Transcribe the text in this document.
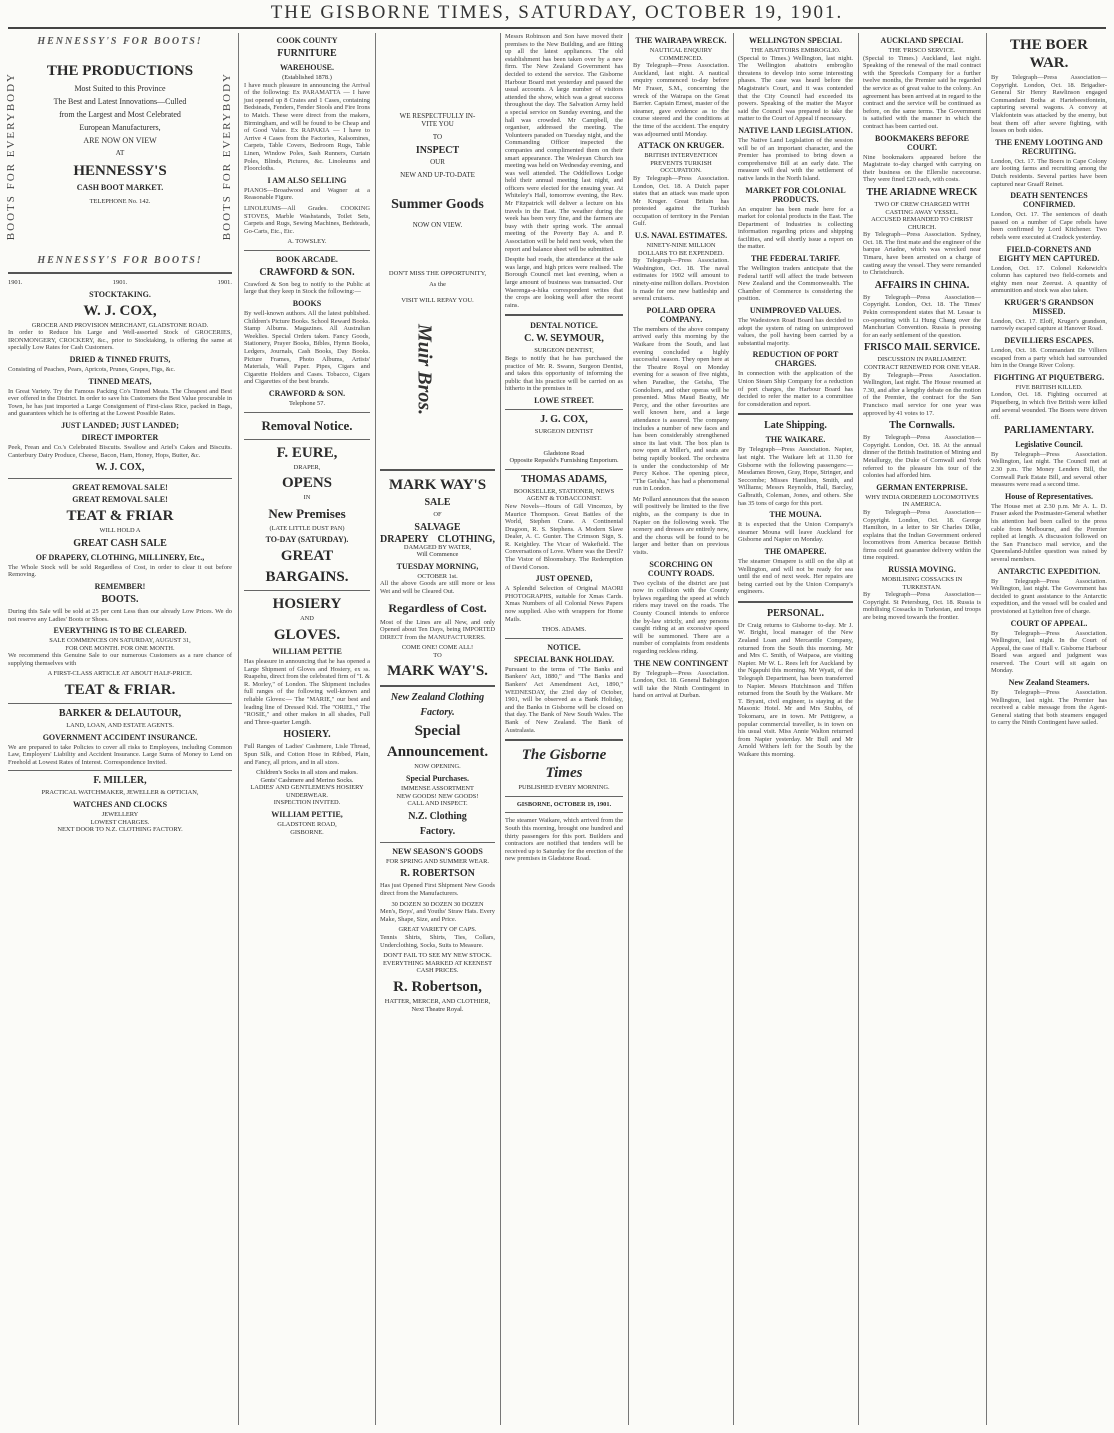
THE GISBORNE TIMES, SATURDAY, OCTOBER 19, 1901.
HENNESSY'S FOR BOOTS!
BOOTS FOR EVERYBODY	BOOTS FOR EVERYBODY
THE PRODUCTIONS
Most Suited to this Province
The Best and Latest Innovations—Culled
from the Largest and Most Celebrated
European Manufacturers,
ARE NOW ON VIEW
AT
HENNESSY'S
CASH BOOT MARKET.
TELEPHONE No. 142.
HENNESSY'S FOR BOOTS!
1901.	1901.	1901.
STOCKTAKING.
W. J. COX,
GROCER AND PROVISION MERCHANT, GLADSTONE ROAD.

In order to Reduce his Large and Well-assorted Stock of GROCERIES, IRONMONGERY, CROCKERY, &c., prior to Stocktaking, is offering the same at specially Low Rates for Cash Customers.

DRIED & TINNED FRUITS,

Consisting of Peaches, Pears, Apricots, Prunes, Grapes, Figs, &c.

TINNED MEATS,

In Great Variety. Try the Famous Packing Co's Tinned Meats. The Cheapest and Best ever offered in the District. In order to save his Customers the Best Value procurable in Town, he has just imported a Large Consignment of First-class Rice, packed in Bags, and guarantees which he is offering at the Lowest Possible Rates.

JUST LANDED; JUST LANDED;
DIRECT IMPORTER

Peek, Frean and Co.'s Celebrated Biscuits. Swallow and Ariel's Cakes and Biscuits. Canterbury Dairy Produce, Cheese, Bacon, Ham, Honey, Hops, Butter, &c.

W. J. COX,
GREAT REMOVAL SALE!
GREAT REMOVAL SALE!
TEAT & FRIAR
WILL HOLD A
GREAT CASH SALE
OF DRAPERY, CLOTHING, MILLINERY, Etc.,

The Whole Stock will be sold Regardless of Cost, in order to clear it out before Removing.

REMEMBER!
BOOTS.

During this Sale will be sold at 25 per cent Less than our already Low Prices. We do not reserve any Ladies' Boots or Shoes.

EVERYTHING IS TO BE CLEARED.
SALE COMMENCES ON SATURDAY, AUGUST 31,
FOR ONE MONTH. FOR ONE MONTH.

We recommend this Genuine Sale to our numerous Customers as a rare chance of supplying themselves with

A FIRST-CLASS ARTICLE AT ABOUT HALF-PRICE.
TEAT & FRIAR.
BARKER & DELAUTOUR,
LAND, LOAN, AND ESTATE AGENTS.
GOVERNMENT ACCIDENT INSURANCE.

We are prepared to take Policies to cover all risks to Employees, including Common Law, Employers' Liability and Accident Insurance. Large Sums of Money to Lend on Freehold at Lowest Rates of Interest. Correspondence Invited.

F. MILLER,
PRACTICAL WATCHMAKER, JEWELLER & OPTICIAN,
WATCHES AND CLOCKS
JEWELLERY
LOWEST CHARGES.
NEXT DOOR TO N.Z. CLOTHING FACTORY.
COOK COUNTY
FURNITURE
WAREHOUSE.
(Established 1878.)

I have much pleasure in announcing the Arrival of the following: Ex PARAMATTA — I have just opened up 8 Crates and 1 Cases, containing Bedsteads, Fenders, Fender Stools and Fire Irons to Match. These were direct from the makers, Birmingham, and will be found to be Cheap and of Good Value. Ex RAPAKIA — I have to Arrive 4 Cases from the Factories, Kalsomines, Carpets, Table Covers, Bedroom Rugs, Table Linen, Window Poles, Sash Runners, Curtain Poles, Blinds, Pictures, &c. Linoleums and Floorcloths.

I AM ALSO SELLING

PIANOS—Broadwood and Wagner at a Reasonable Figure.

LINOLEUMS—All Grades. COOKING STOVES, Marble Washstands, Toilet Sets, Carpets and Rugs, Sewing Machines, Bedsteads, Go-Carts, Etc., Etc.

A. TOWSLEY.
BOOK ARCADE.
CRAWFORD & SON.

Crawford & Son beg to notify to the Public at large that they keep in Stock the following:—

BOOKS

By well-known authors. All the latest published. Children's Picture Books. School Reward Books. Stamp Albums. Magazines. All Australian Weeklies. Special Orders taken. Fancy Goods, Stationery, Prayer Books, Bibles, Hymn Books, Ledgers, Journals, Cash Books, Day Books. Picture Frames, Photo Albums, Artists' Materials, Wall Paper. Pipes, Cigars and Cigarette Holders and Cases. Tobacco, Cigars and Cigarettes of the best brands.

CRAWFORD & SON.
Telephone 57.
Removal Notice.
F. EURE,
DRAPER,
OPENS
IN
New Premises
(LATE LITTLE DUST PAN)
TO-DAY (SATURDAY).
GREAT
BARGAINS.
HOSIERY
AND
GLOVES.
WILLIAM PETTIE

Has pleasure in announcing that he has opened a Large Shipment of Gloves and Hosiery, ex ss. Ruapehu, direct from the celebrated firm of "I. & R. Morley," of London. The Shipment includes full ranges of the following well-known and reliable Gloves:— The "MARIE," our best and leading line of Dressed Kid. The "ORIEL," The "ROSIE," and other makes in all shades, Full and Three-quarter Length.

HOSIERY.

Full Ranges of Ladies' Cashmere, Lisle Thread, Spun Silk, and Cotton Hose in Ribbed, Plain, and Fancy, all prices, and in all sizes.

Children's Socks in all sizes and makes.
Gents' Cashmere and Merino Socks.
LADIES' AND GENTLEMEN'S HOSIERY UNDERWEAR.
INSPECTION INVITED.
WILLIAM PETTIE,
GLADSTONE ROAD,
GISBORNE.
WE RESPECTFULLY IN-
VITE YOU
TO
INSPECT
OUR
NEW AND UP-TO-DATE
Summer Goods
NOW ON VIEW.
DON'T MISS THE OPPORTUNITY,
As the
VISIT WILL REPAY YOU.
Muir Bros.
MARK WAY'S
SALE
OF
SALVAGE
DRAPERY CLOTHING,
DAMAGED BY WATER,
Will Commence
TUESDAY MORNING,
OCTOBER 1st.

All the above Goods are still more or less Wet and will be Cleared Out.

Regardless of Cost.

Most of the Lines are all New, and only Opened about Ten Days, being IMPORTED DIRECT from the MANUFACTURERS.

COME ONE! COME ALL!
TO
MARK WAY'S.
New Zealand Clothing
Factory.
Special
Announcement.
NOW OPENING.
Special Purchases.
IMMENSE ASSORTMENT
NEW GOODS! NEW GOODS!
CALL AND INSPECT.
N.Z. Clothing
Factory.
NEW SEASON'S GOODS
FOR SPRING AND SUMMER WEAR.
R. ROBERTSON

Has just Opened First Shipment New Goods direct from the Manufacturers.

30 DOZEN 30 DOZEN 30 DOZEN

Men's, Boys', and Youths' Straw Hats. Every Make, Shape, Size, and Price.

GREAT VARIETY OF CAPS.

Tennis Shirts, Shirts, Ties, Collars, Underclothing, Socks, Suits to Measure.

DON'T FAIL TO SEE MY NEW STOCK.
EVERYTHING MARKED AT KEENEST CASH PRICES.
R. Robertson,
HATTER, MERCER, AND CLOTHIER, Next Theatre Royal.

Messrs Robinson and Son have moved their premises to the New Building, and are fitting up all the latest appliances. The old establishment has been taken over by a new firm. The New Zealand Government has decided to extend the service. The Gisborne Harbour Board met yesterday and passed the usual accounts. A large number of visitors attended the show, which was a great success throughout the day. The Salvation Army held a special service on Sunday evening, and the hall was crowded. Mr Campbell, the organiser, addressed the meeting. The Volunteers paraded on Tuesday night, and the Commanding Officer inspected the companies and complimented them on their smart appearance. The Wesleyan Church tea meeting was held on Wednesday evening, and was well attended. The Oddfellows Lodge held their annual meeting last night, and officers were elected for the ensuing year. At Whiteley's Hall, tomorrow evening, the Rev. Mr Fitzpatrick will deliver a lecture on his travels in the East. The weather during the week has been very fine, and the farmers are busy with their spring work. The annual meeting of the Poverty Bay A. and P. Association will be held next week, when the report and balance sheet will be submitted.

Despite bad roads, the attendance at the sale was large, and high prices were realised. The Borough Council met last evening, when a large amount of business was transacted. Our Waerenga-a-hika correspondent writes that the crops are looking well after the recent rains.

DENTAL NOTICE.
C. W. SEYMOUR,
SURGEON DENTIST,

Begs to notify that he has purchased the practice of Mr. R. Swann, Surgeon Dentist, and takes this opportunity of informing the public that his practice will be carried on as hitherto in the premises in

LOWE STREET.
J. G. COX,
SURGEON DENTIST
Gladstone Road
Opposite Repsold's Furnishing Emporium.
THOMAS ADAMS,
BOOKSELLER, STATIONER, NEWS AGENT & TOBACCONIST.

New Novels—Hours of Gill Vincenzo, by Maurice Thompson. Great Battles of the World, Stephen Crane. A Continental Dragoon, R. S. Stephens. A Modern Slave Dealer, A. C. Gunter. The Crimson Sign, S. R. Keightley. The Vicar of Wakefield. The Conversations of Love. Where was the Devil? The Vistor of Bloomsbury. The Redemption of David Corson.

JUST OPENED,

A Splendid Selection of Original MAORI PHOTOGRAPHS, suitable for Xmas Cards. Xmas Numbers of all Colonial News Papers now supplied. Also with wrappers for Home Mails.

THOS. ADAMS.
NOTICE.
SPECIAL BANK HOLIDAY.

Pursuant to the terms of "The Banks and Bankers' Act, 1880," and "The Banks and Bankers' Act Amendment Act, 1890," WEDNESDAY, the 23rd day of October, 1901, will be observed as a Bank Holiday, and the Banks in Gisborne will be closed on that day. The Bank of New South Wales. The Bank of New Zealand. The Bank of Australasia.

The Gisborne Times
PUBLISHED EVERY MORNING.
GISBORNE, OCTOBER 19, 1901.

The steamer Waikare, which arrived from the South this morning, brought one hundred and thirty passengers for this port. Builders and contractors are notified that tenders will be received up to Saturday for the erection of the new premises in Gladstone Road.

THE WAIRAPA WRECK.
NAUTICAL ENQUIRY COMMENCED.

By Telegraph—Press Association. Auckland, last night. A nautical enquiry commenced to-day before Mr Fraser, S.M., concerning the wreck of the Wairapa on the Great Barrier. Captain Ernest, master of the steamer, gave evidence as to the course steered and the conditions at the time of the accident. The enquiry was adjourned until Monday.

ATTACK ON KRUGER.
BRITISH INTERVENTION PREVENTS TURKISH OCCUPATION.

By Telegraph—Press Association. London, Oct. 18. A Dutch paper states that an attack was made upon Mr Kruger. Great Britain has protested against the Turkish occupation of territory in the Persian Gulf.

U.S. NAVAL ESTIMATES.
NINETY-NINE MILLION DOLLARS TO BE EXPENDED.

By Telegraph—Press Association. Washington, Oct. 18. The naval estimates for 1902 will amount to ninety-nine million dollars. Provision is made for one new battleship and several cruisers.

POLLARD OPERA COMPANY.

The members of the above company arrived early this morning by the Waikare from the South, and last evening concluded a highly successful season. They open here at the Theatre Royal on Monday evening for a season of five nights, when Paradise, the Geisha, The Gondoliers, and other operas will be presented. Miss Maud Beatty, Mr Percy, and the other favourites are well known here, and a large attendance is assured. The company includes a number of new faces and has been considerably strengthened since its last visit. The box plan is now open at Miller's, and seats are being rapidly booked. The orchestra is under the conductorship of Mr Percy Kehoe. The opening piece, "The Geisha," has had a phenomenal run in London.

Mr Pollard announces that the season will positively be limited to the five nights, as the company is due in Napier on the following week. The scenery and dresses are entirely new, and the chorus will be found to be larger and better than on previous visits.

SCORCHING ON COUNTY ROADS.

Two cyclists of the district are just now in collision with the County bylaws regarding the speed at which riders may travel on the roads. The County Council intends to enforce the by-law strictly, and any persons caught riding at an excessive speed will be summoned. There are a number of complaints from residents regarding reckless riding.

THE NEW CONTINGENT

By Telegraph—Press Association. London, Oct. 18. General Babington will take the Ninth Contingent in hand on arrival at Durban.

WELLINGTON SPECIAL
THE ABATTOIRS EMBROGLIO.

(Special to Times.) Wellington, last night. The Wellington abattoirs embroglio threatens to develop into some interesting phases. The case was heard before the Magistrate's Court, and it was contended that the City Council had exceeded its powers. Speaking of the matter the Mayor said the Council was prepared to take the matter to the Court of Appeal if necessary.

NATIVE LAND LEGISLATION.

The Native Land Legislation of the session will be of an important character, and the Premier has promised to bring down a comprehensive Bill at an early date. The measure will deal with the settlement of native lands in the North Island.

MARKET FOR COLONIAL PRODUCTS.

An enquirer has been made here for a market for colonial products in the East. The Department of Industries is collecting information regarding prices and shipping facilities, and will shortly issue a report on the matter.

THE FEDERAL TARIFF.

The Wellington traders anticipate that the Federal tariff will affect the trade between New Zealand and the Commonwealth. The Chamber of Commerce is considering the position.

UNIMPROVED VALUES.

The Wadestown Road Board has decided to adopt the system of rating on unimproved values, the poll having been carried by a substantial majority.

REDUCTION OF PORT CHARGES.

In connection with the application of the Union Steam Ship Company for a reduction of port charges, the Harbour Board has decided to refer the matter to a committee for consideration and report.

Late Shipping.
THE WAIKARE.

By Telegraph—Press Association. Napier, last night. The Waikare left at 11.30 for Gisborne with the following passengers:—Mesdames Brown, Gray, Hope, Stringer, and Seccombe; Misses Hamilton, Smith, and Williams; Messrs Reynolds, Hall, Barclay, Galbraith, Coleman, Jones, and others. She has 35 tons of cargo for this port.

THE MOUNA.

It is expected that the Union Company's steamer Mouna will leave Auckland for Gisborne and Napier on Monday.

THE OMAPERE.

The steamer Omapere is still on the slip at Wellington, and will not be ready for sea until the end of next week. Her repairs are being carried out by the Union Company's engineers.

PERSONAL.

Dr Craig returns to Gisborne to-day. Mr J. W. Bright, local manager of the New Zealand Loan and Mercantile Company, returned from the South this morning. Mr and Mrs C. Smith, of Waipaoa, are visiting Napier. Mr W. L. Rees left for Auckland by the Ngapuhi this morning. Mr Wyatt, of the Telegraph Department, has been transferred to Napier. Messrs Hutchinson and Tiffen returned from the South by the Waikare. Mr T. Bryant, civil engineer, is staying at the Masonic Hotel. Mr and Mrs Stubbs, of Tokomaru, are in town. Mr Pettigrew, a popular commercial traveller, is in town on his usual visit. Miss Annie Walton returned from Napier yesterday. Mr Bull and Mr Arnold Withers left for the South by the Waikare this morning.

AUCKLAND SPECIAL
THE 'FRISCO SERVICE.

(Special to Times.) Auckland, last night. Speaking of the renewal of the mail contract with the Spreckels Company for a further twelve months, the Premier said he regarded the service as of great value to the colony. An agreement has been arrived at in regard to the contract and the service will be continued as before, on the same terms. The Government is satisfied with the manner in which the contract has been carried out.

BOOKMAKERS BEFORE COURT.

Nine bookmakers appeared before the Magistrate to-day charged with carrying on their business on the Ellerslie racecourse. They were fined £20 each, with costs.

THE ARIADNE WRECK
TWO OF CREW CHARGED WITH CASTING AWAY VESSEL.
ACCUSED REMANDED TO CHRIST CHURCH.

By Telegraph—Press Association. Sydney, Oct. 18. The first mate and the engineer of the barque Ariadne, which was wrecked near Timaru, have been arrested on a charge of casting away the vessel. They were remanded to Christchurch.

AFFAIRS IN CHINA.

By Telegraph—Press Association—Copyright. London, Oct. 18. The Times' Pekin correspondent states that M. Lessar is co-operating with Li Hung Chang over the Manchurian Convention. Russia is pressing for an early settlement of the question.

FRISCO MAIL SERVICE.
DISCUSSION IN PARLIAMENT.
CONTRACT RENEWED FOR ONE YEAR.

By Telegraph—Press Association. Wellington, last night. The House resumed at 7.30, and after a lengthy debate on the motion of the Premier, the contract for the San Francisco mail service for one year was approved by 41 votes to 17.

The Cornwalls.

By Telegraph—Press Association—Copyright. London, Oct. 18. At the annual dinner of the British Institution of Mining and Metallurgy, the Duke of Cornwall and York referred to the pleasure his tour of the colonies had afforded him.

GERMAN ENTERPRISE.
WHY INDIA ORDERED LOCOMOTIVES IN AMERICA.

By Telegraph—Press Association—Copyright. London, Oct. 18. George Hamilton, in a letter to Sir Charles Dilke, explains that the Indian Government ordered locomotives from America because British firms could not guarantee delivery within the time required.

RUSSIA MOVING.
MOBILISING COSSACKS IN TURKESTAN.

By Telegraph—Press Association—Copyright. St Petersburg, Oct. 18. Russia is mobilising Cossacks in Turkestan, and troops are being moved towards the frontier.

THE BOER WAR.

By Telegraph—Press Association—Copyright. London, Oct. 18. Brigadier-General Sir Henry Rawlinson engaged Commandant Botha at Hartebeestfontein, capturing several wagons. A convoy at Vlakfontein was attacked by the enemy, but beat them off after severe fighting, with losses on both sides.

THE ENEMY LOOTING AND RECRUITING.

London, Oct. 17. The Boers in Cape Colony are looting farms and recruiting among the Dutch residents. Several parties have been captured near Graaff Reinet.

DEATH SENTENCES CONFIRMED.

London, Oct. 17. The sentences of death passed on a number of Cape rebels have been confirmed by Lord Kitchener. Two rebels were executed at Cradock yesterday.

FIELD-CORNETS AND EIGHTY MEN CAPTURED.

London, Oct. 17. Colonel Kekewich's column has captured two field-cornets and eighty men near Zeerust. A quantity of ammunition and stock was also taken.

KRUGER'S GRANDSON MISSED.

London, Oct. 17. Eloff, Kruger's grandson, narrowly escaped capture at Hanover Road.

DEVILLIERS ESCAPES.

London, Oct. 18. Commandant De Villiers escaped from a party which had surrounded him in the Orange River Colony.

FIGHTING AT PIQUETBERG.
FIVE BRITISH KILLED.

London, Oct. 18. Fighting occurred at Piquetberg, in which five British were killed and several wounded. The Boers were driven off.

PARLIAMENTARY.
Legislative Council.

By Telegraph—Press Association. Wellington, last night. The Council met at 2.30 p.m. The Money Lenders Bill, the Cornwall Park Estate Bill, and several other measures were read a second time.

House of Representatives.

The House met at 2.30 p.m. Mr A. L. D. Fraser asked the Postmaster-General whether his attention had been called to the press cable from Melbourne, and the Premier replied at length. A discussion followed on the San Francisco mail service, and the Queensland-Jubilee question was raised by several members.

ANTARCTIC EXPEDITION.

By Telegraph—Press Association. Wellington, last night. The Government has decided to grant assistance to the Antarctic expedition, and the vessel will be coaled and provisioned at Lyttelton free of charge.

COURT OF APPEAL.

By Telegraph—Press Association. Wellington, last night. In the Court of Appeal, the case of Hall v. Gisborne Harbour Board was argued and judgment was reserved. The Court will sit again on Monday.

New Zealand Steamers.

By Telegraph—Press Association. Wellington, last night. The Premier has received a cable message from the Agent-General stating that both steamers engaged to carry the Ninth Contingent have sailed.
